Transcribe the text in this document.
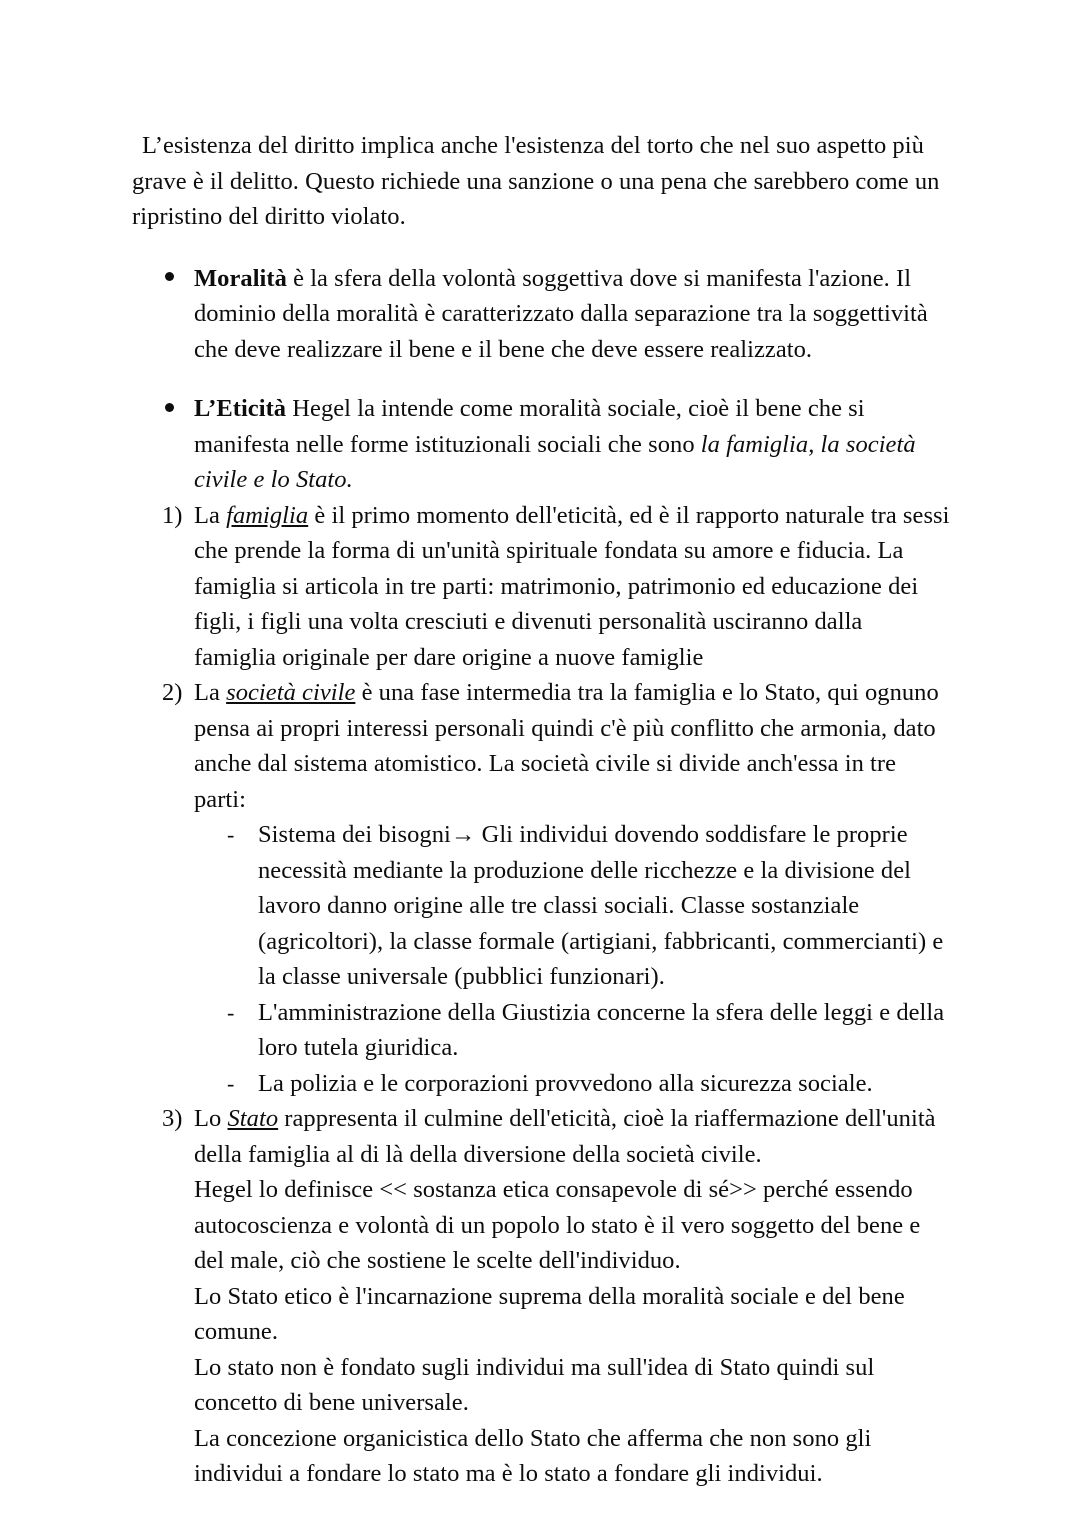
L’esistenza del diritto implica anche l'esistenza del torto che nel suo aspetto più grave è il delitto. Questo richiede una sanzione o una pena che sarebbero come un ripristino del diritto violato.

Moralità è la sfera della volontà soggettiva dove si manifesta l'azione. Il dominio della moralità è caratterizzato dalla separazione tra la soggettività che deve realizzare il bene e il bene che deve essere realizzato.

L’Eticità Hegel la intende come moralità sociale, cioè il bene che si manifesta nelle forme istituzionali sociali che sono la famiglia, la società civile e lo Stato.

1) La famiglia è il primo momento dell'eticità, ed è il rapporto naturale tra sessi che prende la forma di un'unità spirituale fondata su amore e fiducia. La famiglia si articola in tre parti: matrimonio, patrimonio ed educazione dei figli, i figli una volta cresciuti e divenuti personalità usciranno dalla famiglia originale per dare origine a nuove famiglie

2) La società civile è una fase intermedia tra la famiglia e lo Stato, qui ognuno pensa ai propri interessi personali quindi c'è più conflitto che armonia, dato anche dal sistema atomistico. La società civile si divide anch'essa in tre parti:

- Sistema dei bisogni→ Gli individui dovendo soddisfare le proprie necessità mediante la produzione delle ricchezze e la divisione del lavoro danno origine alle tre classi sociali. Classe sostanziale (agricoltori), la classe formale (artigiani, fabbricanti, commercianti) e la classe universale (pubblici funzionari).

- L'amministrazione della Giustizia concerne la sfera delle leggi e della loro tutela giuridica.

- La polizia e le corporazioni provvedono alla sicurezza sociale.

3) Lo Stato rappresenta il culmine dell'eticità, cioè la riaffermazione dell'unità della famiglia al di là della diversione della società civile.

Hegel lo definisce << sostanza etica consapevole di sé>> perché essendo autocoscienza e volontà di un popolo lo stato è il vero soggetto del bene e del male, ciò che sostiene le scelte dell'individuo.

Lo Stato etico è l'incarnazione suprema della moralità sociale e del bene comune.

Lo stato non è fondato sugli individui ma sull'idea di Stato quindi sul concetto di bene universale.

La concezione organicistica dello Stato che afferma che non sono gli individui a fondare lo stato ma è lo stato a fondare gli individui.
